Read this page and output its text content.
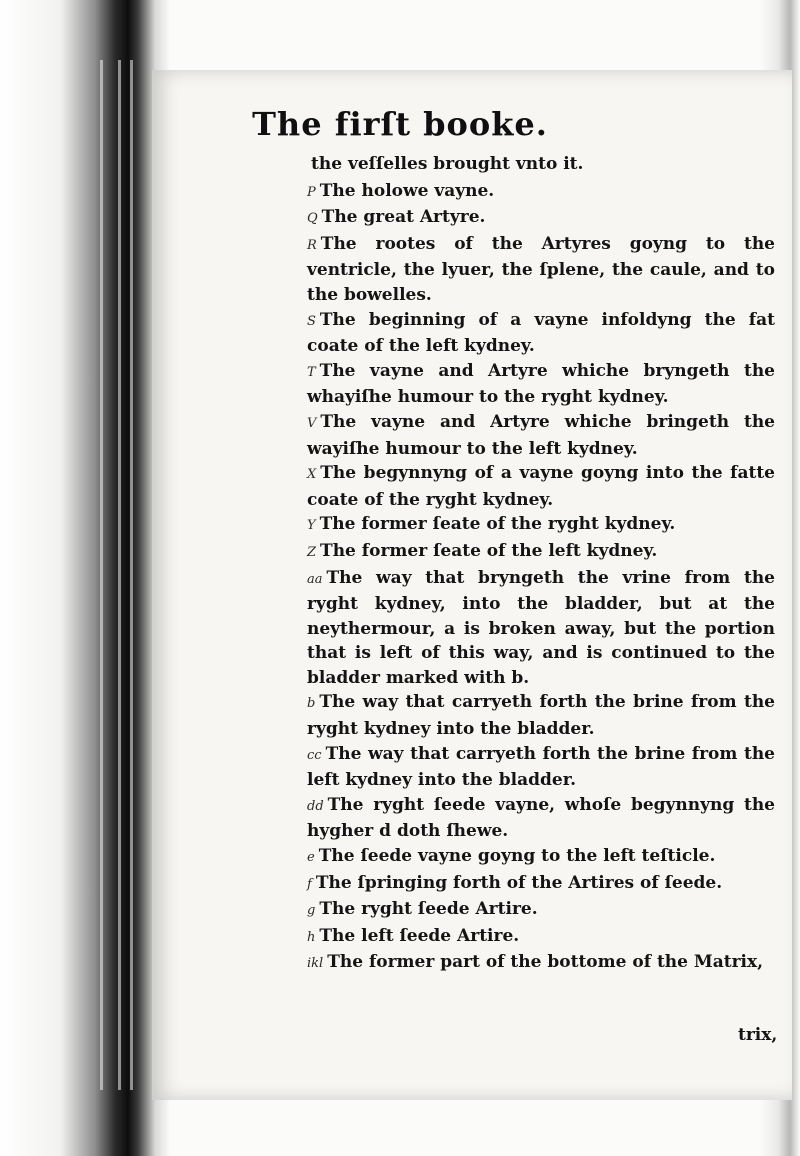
The firſt booke.
the veſſelles brought vnto it.
P The holowe vayne.
Q The great Artyre.
R The rootes of the Artyres goyng to the ventricle, the lyuer, the ſplene, the caule, and to the bowelles.
S The beginning of a vayne infoldyng the fat coate of the left kydney.
T The vayne and Artyre whiche bryngeth the whayiſhe humour to the ryght kydney.
V The vayne and Artyre whiche bringeth the wayiſhe humour to the left kydney.
X The begynnyng of a vayne goyng into the fatte coate of the ryght kydney.
Y The former ſeate of the ryght kydney.
Z The former ſeate of the left kydney.
aa The way that bryngeth the vrine from the ryght kydney, into the bladder, but at the neythermour, a is broken away, but the portion that is left of this way, and is continued to the bladder marked with b.
b The way that carryeth forth the brine from the ryght kydney into the bladder.
cc The way that carryeth forth the brine from the left kydney into the bladder.
dd The ryght ſeede vayne, whoſe begynnyng the hygher d doth ſhewe.
e The ſeede vayne goyng to the left teſticle.
f The ſpringing forth of the Artires of ſeede.
g The ryght ſeede Artire.
h The left ſeede Artire.
ikl The former part of the bottome of the Matrix,
trix,
